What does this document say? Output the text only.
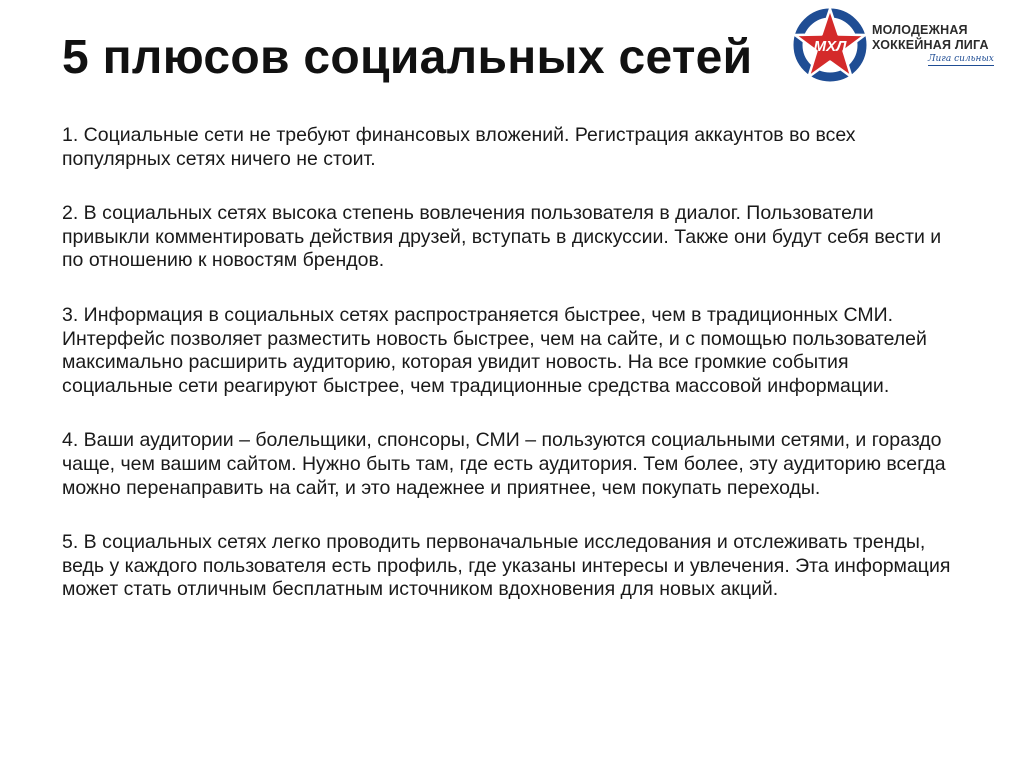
5 плюсов социальных сетей	МХЛ
МОЛОДЕЖНАЯ
ХОККЕЙНАЯ ЛИГА
Лига сильных

1. Социальные сети не требуют финансовых вложений. Регистрация аккаунтов во всех популярных сетях ничего не стоит.

2. В социальных сетях высока степень вовлечения пользователя в диалог. Пользователи привыкли комментировать действия друзей, вступать в дискуссии. Также они будут себя вести и по отношению к новостям брендов.

3. Информация в социальных сетях распространяется быстрее, чем в традиционных СМИ. Интерфейс позволяет разместить новость быстрее, чем на сайте, и с помощью пользователей максимально расширить аудиторию, которая увидит новость. На все громкие события социальные сети реагируют быстрее, чем традиционные средства массовой информации.

4. Ваши аудитории – болельщики, спонсоры, СМИ – пользуются социальными сетями, и гораздо чаще, чем вашим сайтом. Нужно быть там, где есть аудитория. Тем более, эту аудиторию всегда можно перенаправить на сайт, и это надежнее и приятнее, чем покупать переходы.

5. В социальных сетях легко проводить первоначальные исследования и отслеживать тренды, ведь у каждого пользователя есть профиль, где указаны интересы и увлечения. Эта информация может стать отличным бесплатным источником вдохновения для новых акций.
